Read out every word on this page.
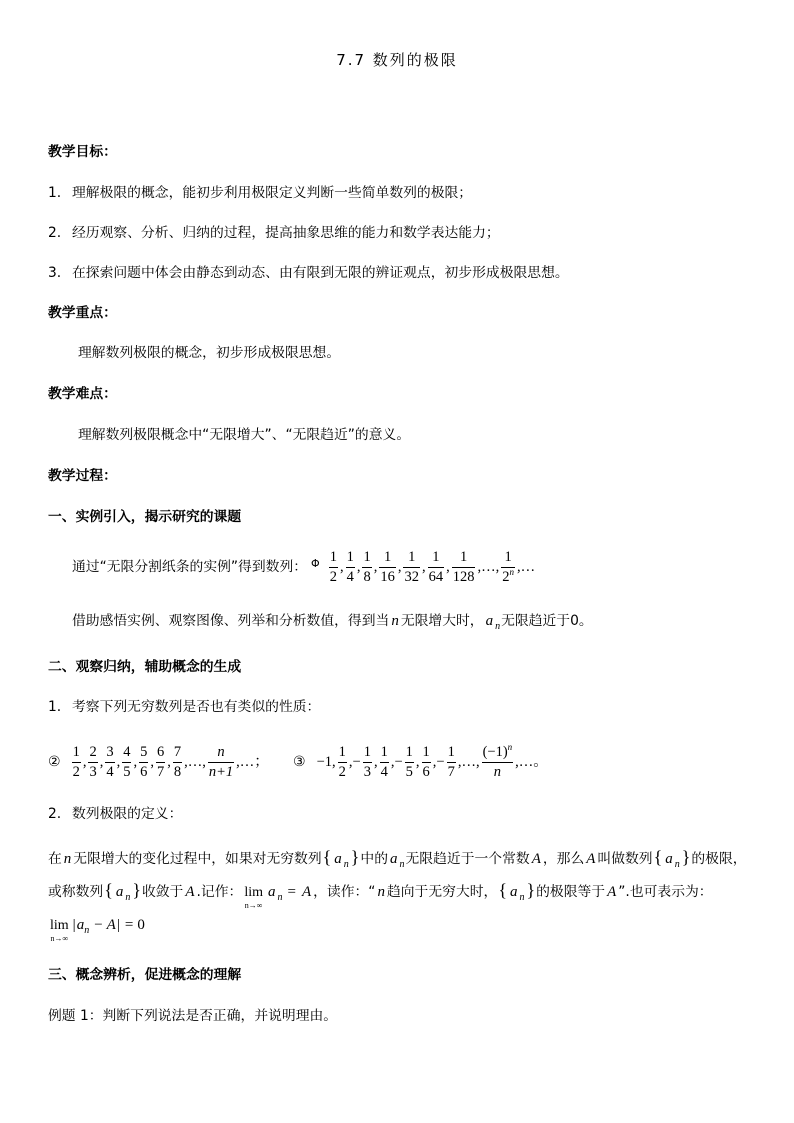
7.7 数列的极限
教学目标：
1. 理解极限的概念，能初步利用极限定义判断一些简单数列的极限；
2. 经历观察、分析、归纳的过程，提高抽象思维的能力和数学表达能力；
3. 在探索问题中体会由静态到动态、由有限到无限的辨证观点，初步形成极限思想。
教学重点：
理解数列极限的概念，初步形成极限思想。
教学难点：
理解数列极限概念中“无限增大”、“无限趋近”的意义。
教学过程：
一、实例引入，揭示研究的课题
通过“无限分割纸条的实例”得到数列： Φ $\frac{1}{2}$ , $\frac{1}{4}$ , $\frac{1}{8}$ , $\frac{1}{16}$ , $\frac{1}{32}$ , $\frac{1}{64}$ , $\frac{1}{128}$ ,…, $\frac{1}{2^n}$ ,…
借助感悟实例、观察图像、列举和分析数值，得到当 n 无限增大时， a $_n$无限趋近于0。
二、观察归纳，辅助概念的生成
1. 考察下列无穷数列是否也有类似的性质：
② $\frac{1}{2}$ , $\frac{2}{3}$ , $\frac{3}{4}$ , $\frac{4}{5}$ , $\frac{5}{6}$ , $\frac{6}{7}$ , $\frac{7}{8}$ ,…, $\frac{n}{n+1}$ ,…； ③ −1, $\frac{1}{2}$ ,− $\frac{1}{3}$ , $\frac{1}{4}$ ,− $\frac{1}{5}$ , $\frac{1}{6}$ ,− $\frac{1}{7}$ ,…, $\frac{(-1)^n}{n}$ ,…。
2. 数列极限的定义：
在 n 无限增大的变化过程中，如果对无穷数列{ a $_n$ }中的 a $_n$无限趋近于一个常数 A ，那么 A 叫做数列{ a $_n$ }的极限，
或称数列{ a $_n$ }收敛于 A .记作： lim
n→∞
a $_n$ = A ，读作：“ n 趋向于无穷大时，{ a $_n$ }的极限等于 A ”.也可表示为：
lim
n→∞
$|a_n - A| = 0$
三、概念辨析，促进概念的理解
例题 1：判断下列说法是否正确，并说明理由。
